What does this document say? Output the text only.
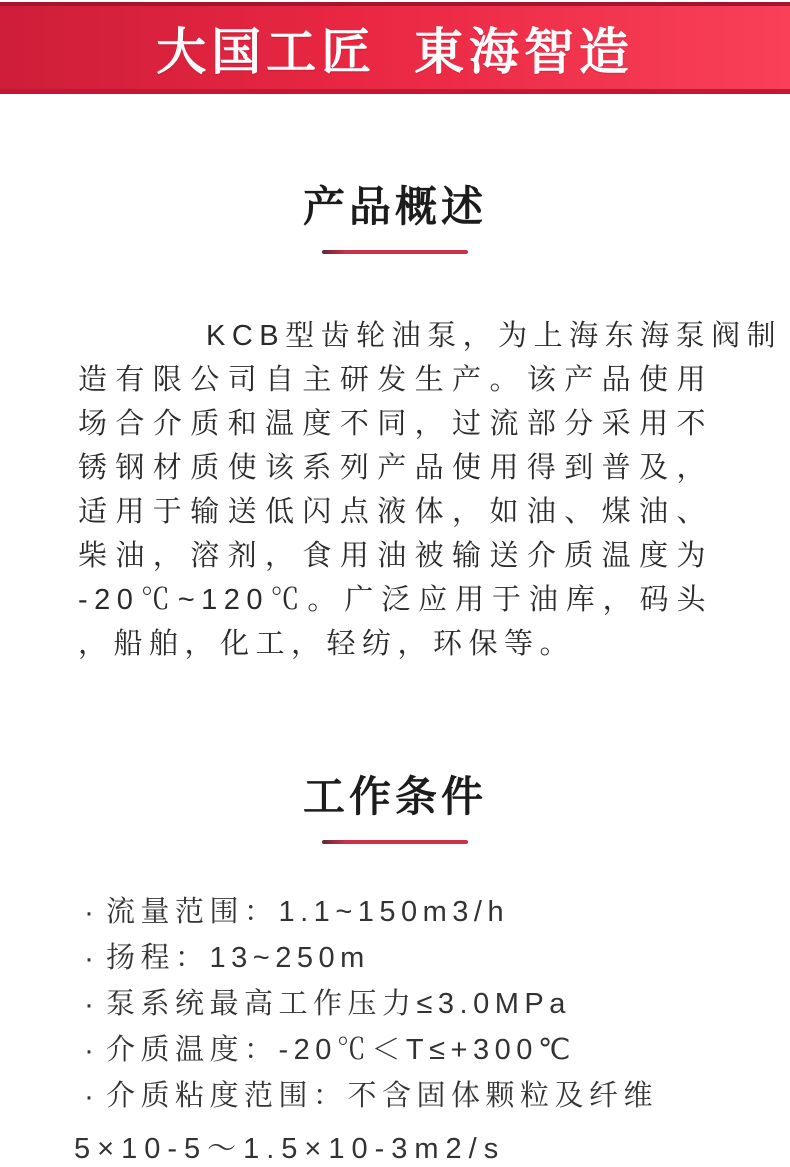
大国工匠  東海智造
产品概述
KCB型齿轮油泵，为上海东海泵阀制
造有限公司自主研发生产。该产品使用
场合介质和温度不同，过流部分采用不
锈钢材质使该系列产品使用得到普及，
适用于输送低闪点液体，如油、煤油、
柴油，溶剂，食用油被输送介质温度为
-20℃~120℃。广泛应用于油库，码头
，船舶，化工，轻纺，环保等。
工作条件
· 流量范围：1.1~150m3/h
· 扬程：13~250m
· 泵系统最高工作压力≤3.0MPa
· 介质温度：-20℃＜T≤+300℃
· 介质粘度范围：不含固体颗粒及纤维
5×10-5～1.5×10-3m2/s
